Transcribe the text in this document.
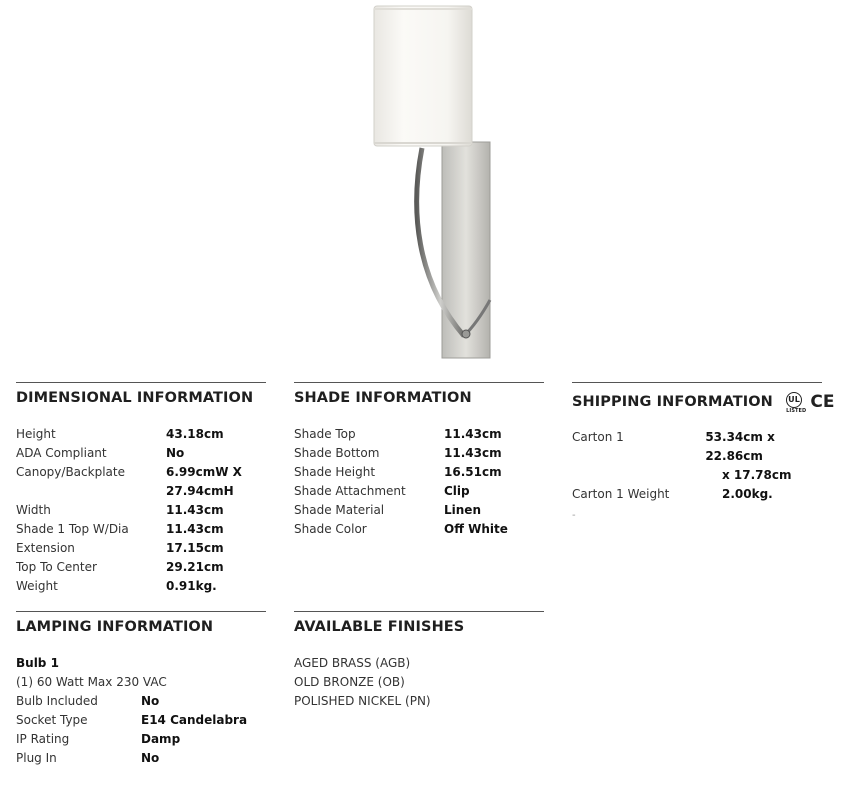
DIMENSIONAL INFORMATION
Height	43.18cm
ADA Compliant	No
Canopy/Backplate	6.99cmW X
27.94cmH
Width	11.43cm
Shade 1 Top W/Dia	11.43cm
Extension	17.15cm
Top To Center	29.21cm
Weight	0.91kg.
SHADE INFORMATION
Shade Top	11.43cm
Shade Bottom	11.43cm
Shade Height	16.51cm
Shade Attachment	Clip
Shade Material	Linen
Shade Color	Off White
SHIPPING INFORMATION UL
LISTED CE
Carton 1	53.34cm x 22.86cm
x 17.78cm
Carton 1 Weight	2.00kg.
-
LAMPING INFORMATION
Bulb 1
(1) 60 Watt Max 230 VAC
Bulb Included	No
Socket Type	E14 Candelabra
IP Rating	Damp
Plug In	No
AVAILABLE FINISHES
AGED BRASS (AGB)
OLD BRONZE (OB)
POLISHED NICKEL (PN)
